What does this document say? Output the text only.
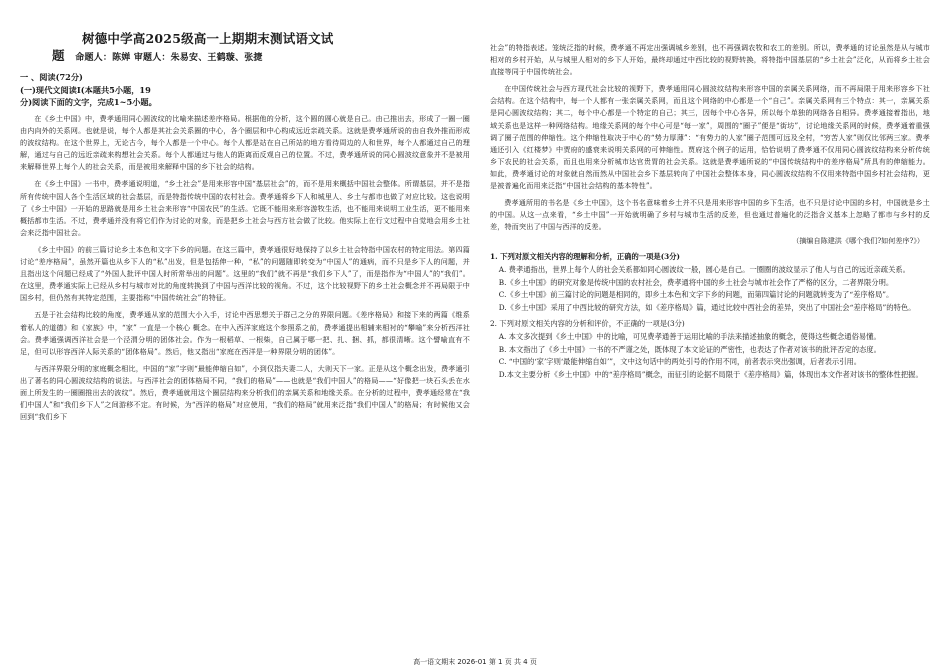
树德中学高2025级高一上期期末测试语文试
题 命题人：陈婵 审题人：朱易安、王鹤璇、张捷
一 、阅读(72分)
(一)现代文阅读Ⅰ(本题共5小题，19
分)阅读下面的文字，完成1~5小题。

在《乡土中国》中，费孝通用同心圆波纹的比喻来描述差序格局。根据他的分析，这个圆的圆心就是自己。由己推出去，形成了一圈一圈由内向外的关系网。也就是说，每个人都是其社会关系圈的中心，各个圈层和中心构成远近亲疏关系。这就是费孝通所说的由自我外推而形成的波纹结构。在这个世界上，无论古今，每个人都是一个中心。每个人都是站在自己所站的地方看待周边的人和世界，每个人都通过自己的理解，通过与自己的远近亲疏来构想社会关系。每个人都通过与他人的距离而反观自己的位置。不过，费孝通所说的同心圆波纹意象并不是被用来解释世界上每个人的社会关系，而是被用来解释中国的乡下社会的结构。

在《乡土中国》一书中，费孝通说明道，“乡土社会”是用来形容中国“基层社会”的，而不是用来概括中国社会整体。所谓基层，并不是指所有传统中国人各个生活区域的社会基层，而是特指传统中国的农村社会。费孝通将乡下人和城里人、乡土与都市也做了对应比较。这也说明了《乡土中国》一开始的思路就是用乡土社会来形容“中国农民”的生活。它既不能用来形容游牧生活，也不能用来说明工业生活，更不能用来概括都市生活。不过，费孝通并没有将它们作为讨论的对象，而是把乡土社会与西方社会做了比较。他实际上在行文过程中自觉地会用乡土社会来泛指中国社会。

《乡土中国》的前三篇讨论乡土本色和文字下乡的问题。在这三篇中，费孝通很好地保持了以乡土社会特指中国农村的特定用法。第四篇讨论“差序格局”，虽然开篇也从乡下人的“私”出发，但是包括伸一种，“私”的问题随即转变为“中国人”的通病，而不只是乡下人的问题，并且指出这个问题已经成了“外国人批评中国人时所常举出的问题”。这里的“我们”就不再是“我们乡下人”了，而是指作为“中国人”的“我们”。在这里，费孝通实际上已经从乡村与城市对比的角度转换到了中国与西洋比较的视角。不过，这个比较视野下的乡土社会概念并不再局限于中国乡村，但仍然有其特定范围，主要指称“中国传统社会”的特征。

五是于社会结构比较的角度，费孝通从家的范围大小入手，讨论中西思想关于群己之分的界限问题。《差序格局》和接下来的两篇《维系着私人的道德》和《家族》中，“家” 一直是一个核心 概念。在中入西洋家庭这个参照系之前，费孝通提出相辅来相衬的“攀喻”来分析西洋社会。费孝通强调西洋社会是一个泾渭分明的团体社会。作为一根稻草、一根柴，自己属于哪一把、扎、捆、抓，都很清晰。这个譬喻直有不足，但可以形容西洋人际关系的“团体格局”。然后，他又指出“家庭在西洋是一种界限分明的团体”。

与西洋界限分明的家庭概念相比，中国的“家”字则“最能伸缩自如”，小到仅指夫妻二人，大则天下一家。正是从这个概念出发，费孝通引出了著名的同心圆波纹结构的说法。与西洋社会的团体格局不同，“我们的格局”——也就是“我们中国人”的格局——“好像把一块石头丢在水面上所发生的一圈圈推出去的波纹”。然后，费孝通就用这个圈层结构来分析我们的亲属关系和地缘关系。在分析的过程中，费孝通经常在“我们中国人”和“我们乡下人”之间游移不定。有时候，为“西洋的格局”对应使用，“我们的格局”就用来泛指“我们中国人”的格局；有时候他又会回到“我们乡下

社会”的特指表述。笼统泛指的时候，费孝通不再定出强调城乡差别，也不再强调农牧和农工的差别。所以，费孝通的讨论虽然是从与城市相对的乡村开始，从与城里人相对的乡下人开始，最终却通过中西比较的视野转换，将特指中国基层的“乡土社会”泛化，从而将乡土社会直接等同于中国传统社会。

在中国传统社会与西方现代社会比较的视野下，费孝通用同心圆波纹结构来形容中国的亲属关系网络，而不再局限于用来形容乡下社会结构。在这个结构中，每一个人都有一张亲属关系网，而且这个网络的中心都是一个“自己”。亲属关系网有三个特点：其一，亲属关系是同心圆波纹结构；其二，每个中心都是一个特定的自己；其三，因每个中心各异，所以每个单独的网络各自相异。费孝通接着指出，地域关系也是这样一种网络结构。地缘关系网的每个中心可是“每一家”，周围的“圈子”便是“街坊”，讨论地缘关系网的时候，费孝通着重强调了圈子范围的伸缩性。这个伸缩性取决于中心的“势力厚薄”：“有势力的人家”圈子范围可远及全村，“穷苦人家”则仅比邻两三家。费孝通还引入《红楼梦》中贾府的盛衰来说明关系网的可伸缩性。贾府这个例子的运用，恰恰说明了费孝通不仅用同心圆波纹结构来分析传统乡下农民的社会关系，而且也用来分析城市达官贵胃的社会关系。这就是费孝通所说的“中国传统结构中的差序格局”所具有的伸缩能力。如此，费孝通讨论的对象就自然而然从中国社会乡下基层转向了中国社会整体本身，同心圆波纹结构不仅用来特指中国乡村社会结构，更是被普遍化而用来泛指“中国社会结构的基本特性”。

费孝通所用的书名是《乡土中国》，这个书名意味着乡土并不只是用来形容中国的乡下生活，也不只是讨论中国的乡村，中国就是乡土的中国。从这一点来看，“乡土中国”一开始就明确了乡村与城市生活的反差，但也通过普遍化的泛指含义基本上忽略了都市与乡村的反差，特而突出了中国与西洋的反差。

（摘编自陈建洪《哪个我们?如何差序?》）
1. 下列对原文相关内容的理解和分析，正确的一项是(3分)

A. 费孝通指出，世界上每个人的社会关系都如同心圆波纹一般，圆心是自己。一圈圈的波纹显示了他人与自己的远近亲疏关系。

B.《乡土中国》的研究对象是传统中国的农村社会，费孝通将中国的乡土社会与城市社会作了严格的区分，二者界限分明。

C.《乡土中国》前三篇讨论的问题是相同的，即乡土本色和文字下乡的问题，而第四篇讨论的问题就转变为了“差序格局”。

D.《乡土中国》采用了中西比较的研究方法，如《差序格局》篇，通过比较中西社会的差异，突出了中国社会“差序格局”的特色。

2. 下列对原文相关内容的分析和评价，不正确的一项是(3分)

A. 本文多次提到《乡土中国》中的比喻，可见费孝通善于运用比喻的手法来描述抽象的概念，使得这些概念通俗易懂。

B. 本文指出了《乡土中国》一书的不严谨之处，既体现了本文论证的严密性，也表达了作者对该书的批评否定的态度。

C. “中国的‘家’字则‘最能伸缩自如’”，文中这句话中的两处引号的作用不同，前者表示突出强调，后者表示引用。

D.本文主要分析《乡土中国》中的“差序格局”概念，而征引的论据不局限于《差序格局》篇，体现出本文作者对该书的整体性把握。

高一语文期末 2026-01 第 1 页 共 4 页
